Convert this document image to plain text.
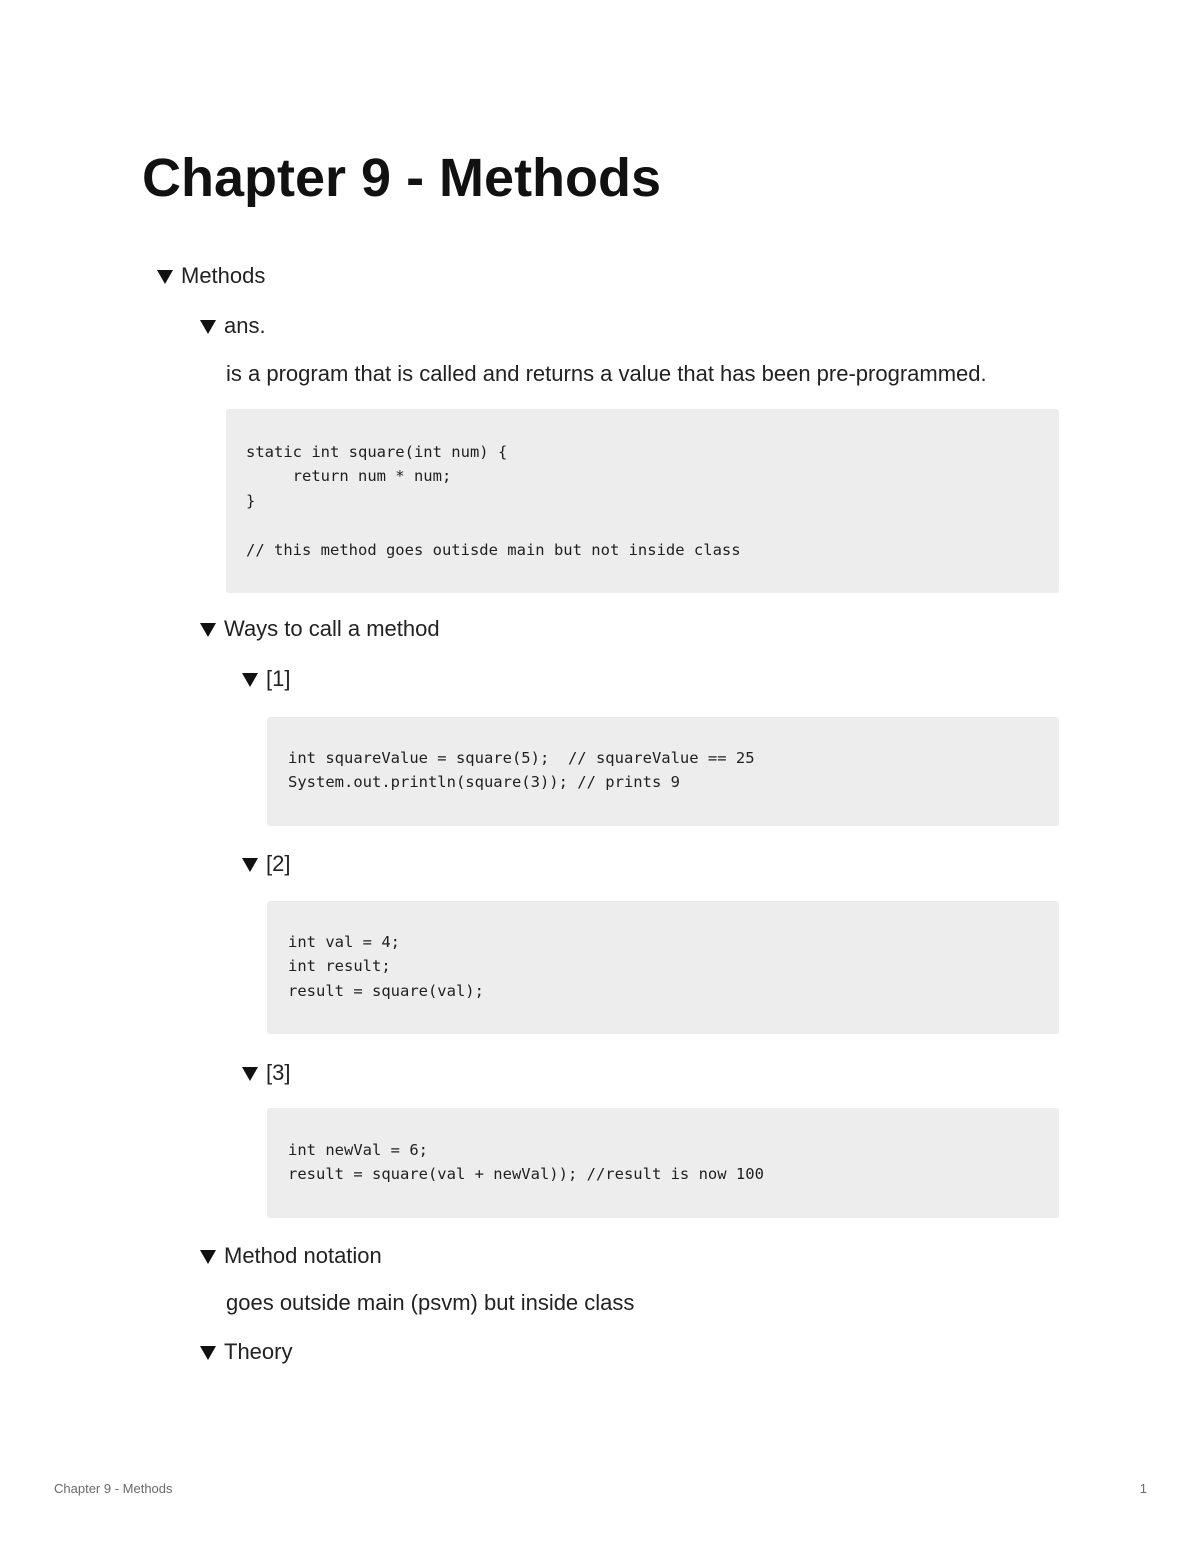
Chapter 9 - Methods
Methods
ans.
is a program that is called and returns a value that has been pre-programmed.
static int square(int num) {
return num * num;
}

// this method goes outisde main but not inside class
Ways to call a method
[1]
int squareValue = square(5);  // squareValue == 25
System.out.println(square(3)); // prints 9
[2]
int val = 4;
int result;
result = square(val);
[3]
int newVal = 6;
result = square(val + newVal)); //result is now 100
Method notation
goes outside main (psvm) but inside class
Theory
Chapter 9 - Methods	1
